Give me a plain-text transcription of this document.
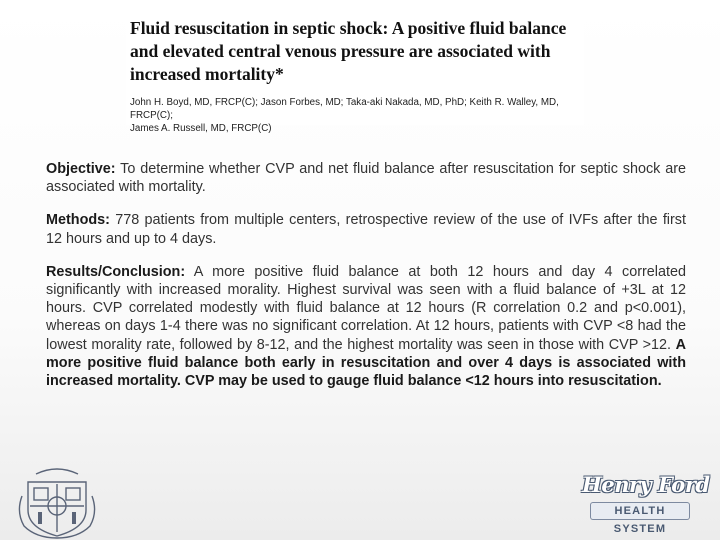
Fluid resuscitation in septic shock: A positive fluid balance and elevated central venous pressure are associated with increased mortality*

John H. Boyd, MD, FRCP(C); Jason Forbes, MD; Taka-aki Nakada, MD, PhD; Keith R. Walley, MD, FRCP(C);
James A. Russell, MD, FRCP(C)

Objective: To determine whether CVP and net fluid balance after resuscitation for septic shock are associated with mortality.

Methods: 778 patients from multiple centers, retrospective review of the use of IVFs after the first 12 hours and up to 4 days.

Results/Conclusion: A more positive fluid balance at both 12 hours and day 4 correlated significantly with increased morality. Highest survival was seen with a fluid balance of +3L at 12 hours. CVP correlated modestly with fluid balance at 12 hours (R correlation 0.2 and p<0.001), whereas on days 1-4 there was no significant correlation. At 12 hours, patients with CVP <8 had the lowest morality rate, followed by 8-12, and the highest mortality was seen in those with CVP >12. A more positive fluid balance both early in resuscitation and over 4 days is associated with increased mortality. CVP may be used to gauge fluid balance <12 hours into resuscitation.

Henry Ford
HEALTH SYSTEM
